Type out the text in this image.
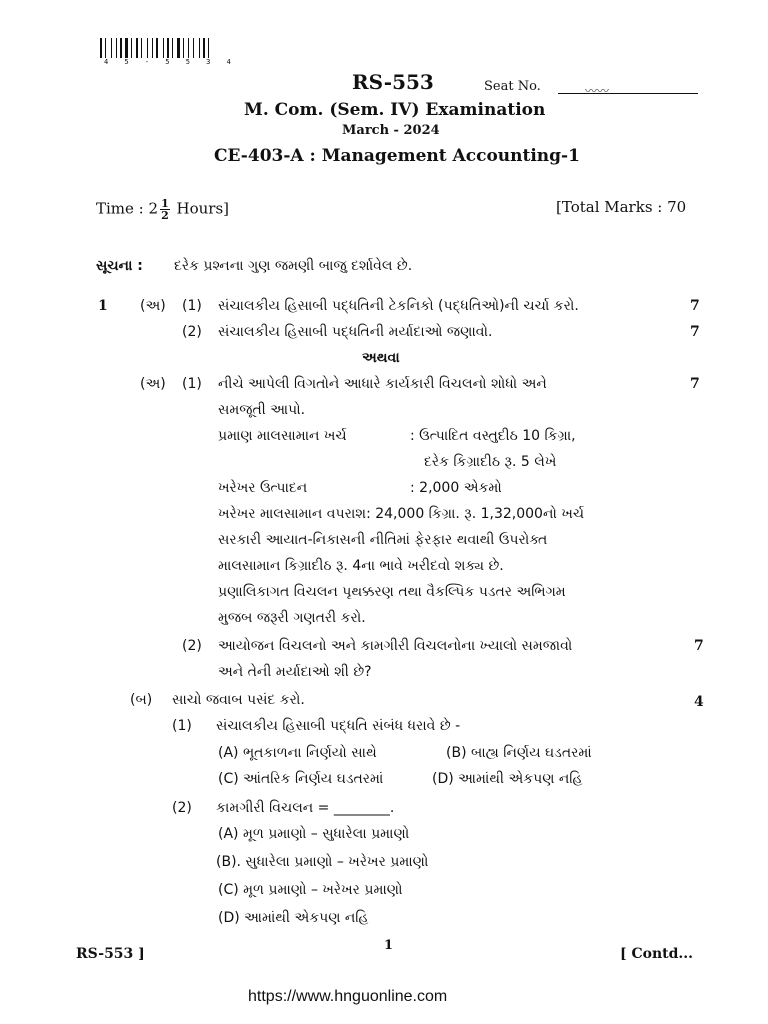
4 5 - 5 5 3 4
RS-553	Seat No.	〰〰
M. Com. (Sem. IV) Examination
March - 2024
CE-403-A : Management Accounting-1
Time : $2 \frac{1}{2}$ Hours]	[Total Marks : 70
સૂચના : દરેક પ્રશ્નના ગુણ જમણી બાજુ દર્શાવેલ છે.
1 (અ) (1) સંચાલકીય હિસાબી પદ્ધતિની ટેકનિકો (પદ્ધતિઓ)ની ચર્ચા કરો.	7
(2) સંચાલકીય હિસાબી પદ્ધતિની મર્યાદાઓ જણાવો.	7
અથવા
(અ) (1) નીચે આપેલી વિગતોને આધારે કાર્યકારી વિચલનો શોધો અને	7
સમજૂતી આપો.
પ્રમાણ માલસામાન ખર્ચ	: ઉત્પાદિત વસ્તુદીઠ 10 કિગ્રા,
દરેક કિગ્રાદીઠ રૂ. 5 લેખે
ખરેખર ઉત્પાદન	: 2,000 એકમો
ખરેખર માલસામાન વપરાશ: 24,000 કિગ્રા. રૂ. 1,32,000નો ખર્ચ
સરકારી આયાત-નિકાસની નીતિમાં ફેરફાર થવાથી ઉપરોક્ત
માલસામાન કિગ્રાદીઠ રૂ. 4ના ભાવે ખરીદવો શક્ય છે.
પ્રણાલિકાગત વિચલન પૃથક્કરણ તથા વૈકલ્પિક પડતર અભિગમ
મુજબ જરૂરી ગણતરી કરો.
(2) આયોજન વિચલનો અને કામગીરી વિચલનોના ખ્યાલો સમજાવો	7
અને તેની મર્યાદાઓ શી છે?
(બ) સાચો જવાબ પસંદ કરો.	4
(1) સંચાલકીય હિસાબી પદ્ધતિ સંબંધ ધરાવે છે -
(A) ભૂતકાળના નિર્ણયો સાથે	(B) બાહ્ય નિર્ણય ઘડતરમાં
(C) આંતરિક નિર્ણય ઘડતરમાં	(D) આમાંથી એકપણ નહિ
(2) કામગીરી વિચલન = ________.
(A) મૂળ પ્રમાણો – સુધારેલા પ્રમાણો
(B). સુધારેલા પ્રમાણો – ખરેખર પ્રમાણો
(C) મૂળ પ્રમાણો – ખરેખર પ્રમાણો
(D) આમાંથી એકપણ નહિ
RS-553 ]
1
[ Contd...
https://www.hnguonline.com
